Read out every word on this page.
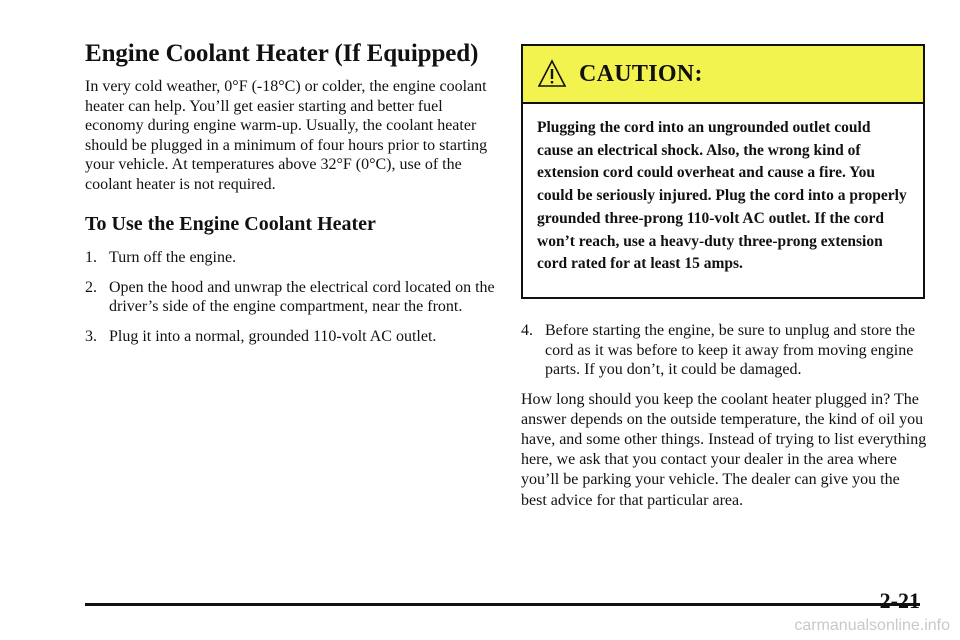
Engine Coolant Heater (If Equipped)

In very cold weather, 0°F (-18°C) or colder, the engine coolant heater can help. You’ll get easier starting and better fuel economy during engine warm-up. Usually, the coolant heater should be plugged in a minimum of four hours prior to starting your vehicle. At temperatures above 32°F (0°C), use of the coolant heater is not required.

To Use the Engine Coolant Heater
1. Turn off the engine.
2. Open the hood and unwrap the electrical cord located on the driver’s side of the engine compartment, near the front.
3. Plug it into a normal, grounded 110-volt AC outlet.
CAUTION:
Plugging the cord into an ungrounded outlet could cause an electrical shock. Also, the wrong kind of extension cord could overheat and cause a fire. You could be seriously injured. Plug the cord into a properly grounded three-prong 110-volt AC outlet. If the cord won’t reach, use a heavy-duty three-prong extension cord rated for at least 15 amps.
4. Before starting the engine, be sure to unplug and store the cord as it was before to keep it away from moving engine parts. If you don’t, it could be damaged.

How long should you keep the coolant heater plugged in? The answer depends on the outside temperature, the kind of oil you have, and some other things. Instead of trying to list everything here, we ask that you contact your dealer in the area where you’ll be parking your vehicle. The dealer can give you the best advice for that particular area.

2-21
carmanualsonline.info
